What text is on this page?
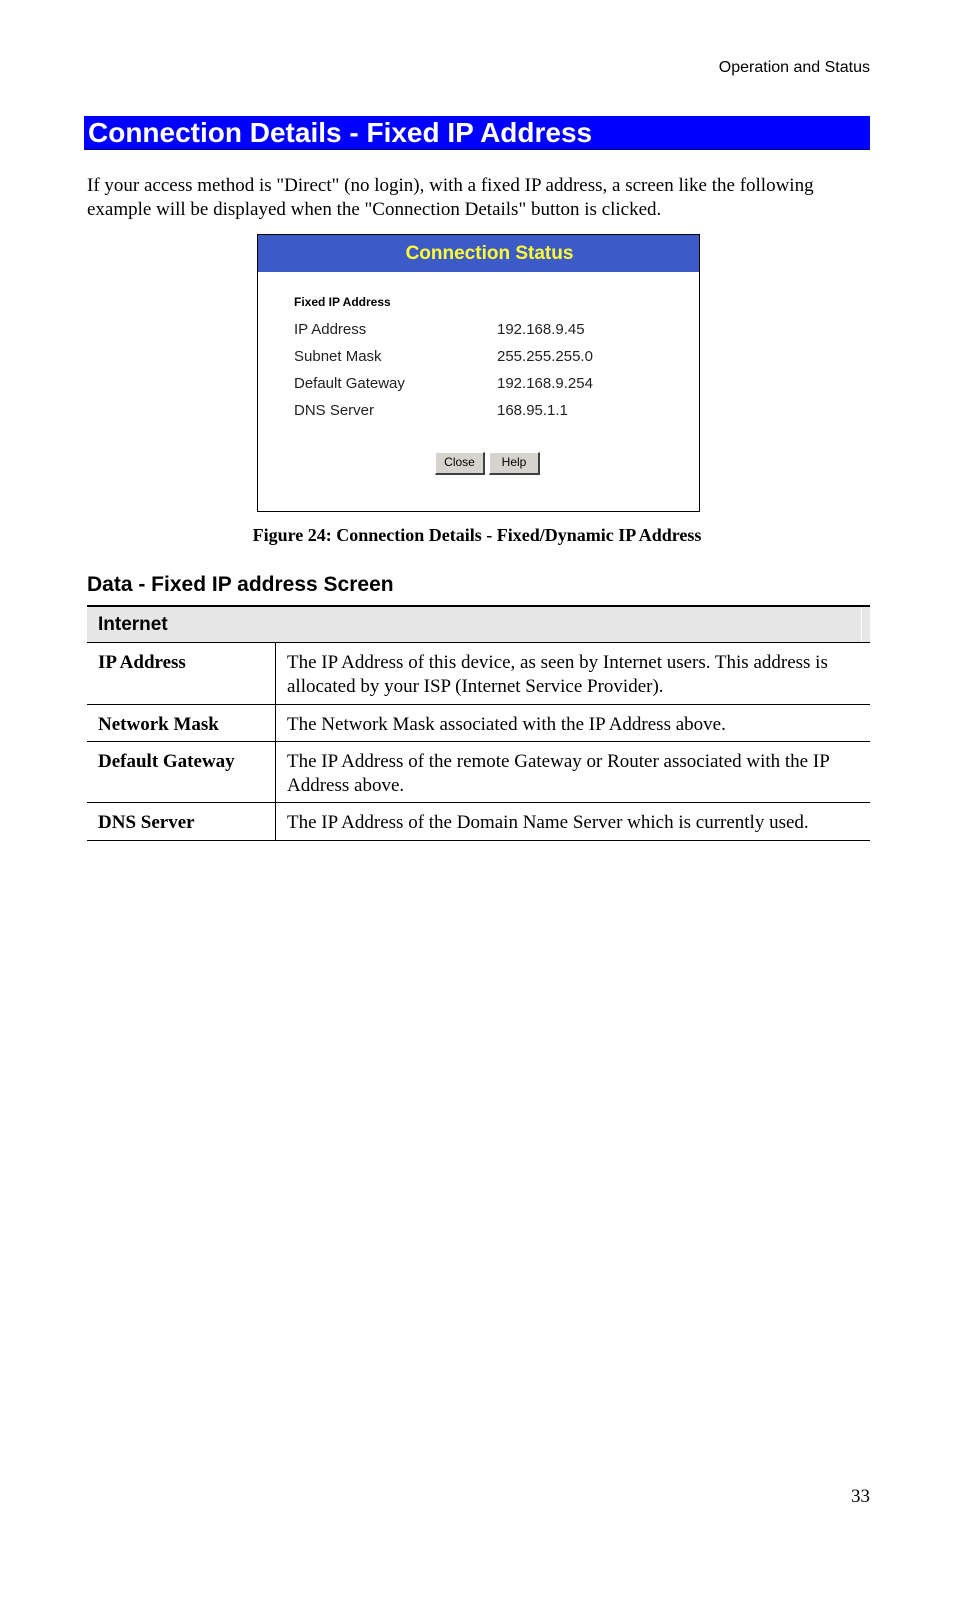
Operation and Status
Connection Details - Fixed IP Address

If your access method is "Direct" (no login), with a fixed IP address, a screen like the following example will be displayed when the "Connection Details" button is clicked.

Connection Status
Fixed IP Address
IP Address	192.168.9.45
Subnet Mask	255.255.255.0
Default Gateway	192.168.9.254
DNS Server	168.95.1.1
Close	Help
Figure 24: Connection Details - Fixed/Dynamic IP Address
Data - Fixed IP address Screen
Internet
IP Address	The IP Address of this device, as seen by Internet users. This address is allocated by your ISP (Internet Service Provider).
Network Mask	The Network Mask associated with the IP Address above.
Default Gateway	The IP Address of the remote Gateway or Router associated with the IP Address above.
DNS Server	The IP Address of the Domain Name Server which is currently used.
33
